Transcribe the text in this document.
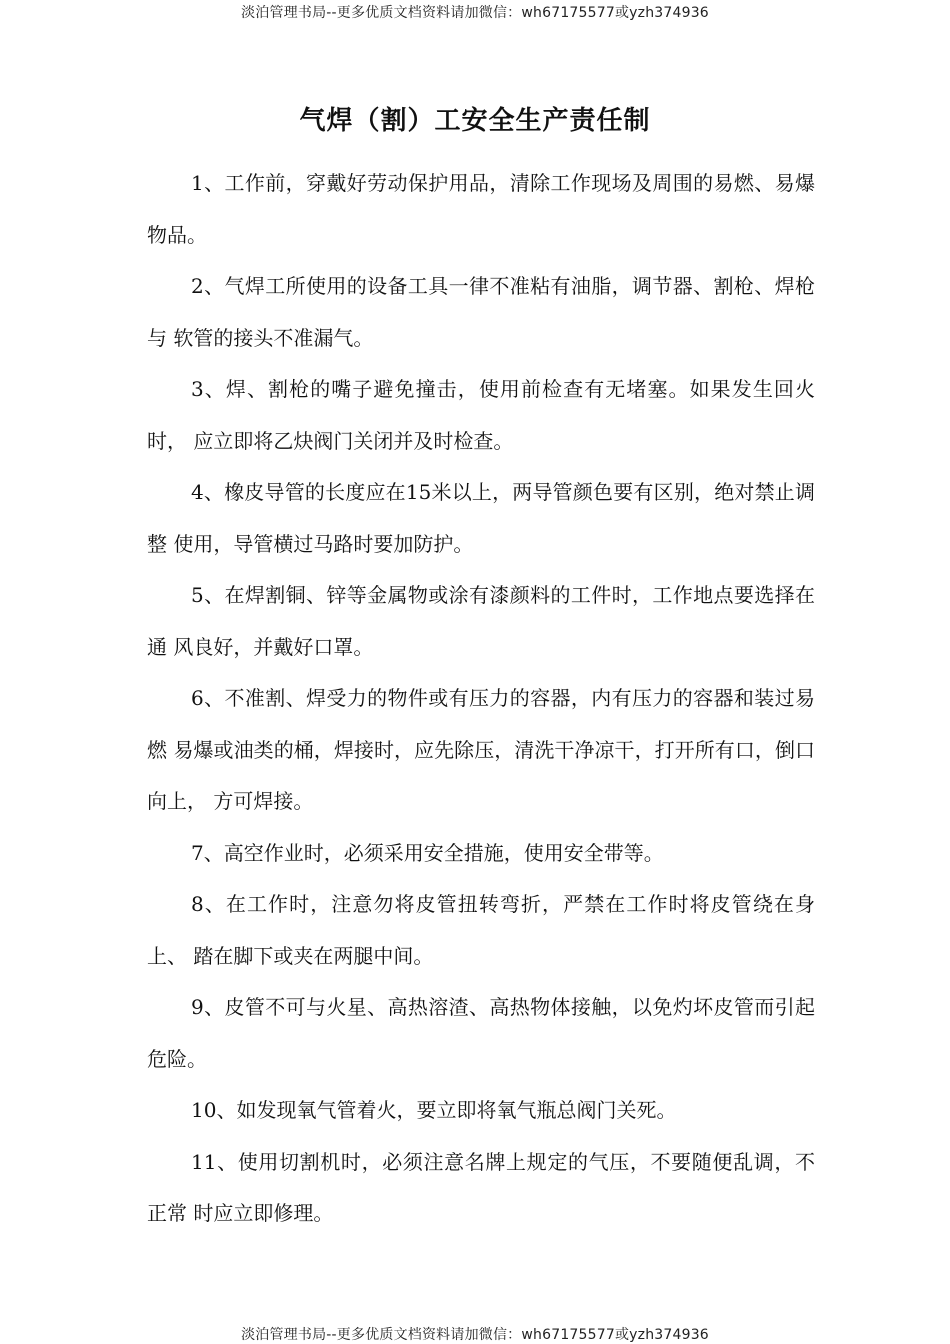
淡泊管理书局--更多优质文档资料请加微信：wh67175577或yzh374936
气焊（割）工安全生产责任制
1、工作前，穿戴好劳动保护用品，清除工作现场及周围的易燃、易爆物品。
2、气焊工所使用的设备工具一律不准粘有油脂，调节器、割枪、焊枪与 软管的接头不准漏气。
3、焊、割枪的嘴子避免撞击，使用前检查有无堵塞。如果发生回火时， 应立即将乙炔阀门关闭并及时检查。
4、橡皮导管的长度应在15米以上，两导管颜色要有区别，绝对禁止调整 使用，导管横过马路时要加防护。
5、在焊割铜、锌等金属物或涂有漆颜料的工件时，工作地点要选择在通 风良好，并戴好口罩。
6、不准割、焊受力的物件或有压力的容器，内有压力的容器和装过易燃 易爆或油类的桶，焊接时，应先除压，清洗干净凉干，打开所有口，倒口向上， 方可焊接。
7、高空作业时，必须采用安全措施，使用安全带等。
8、在工作时，注意勿将皮管扭转弯折，严禁在工作时将皮管绕在身上、 踏在脚下或夹在两腿中间。
9、皮管不可与火星、高热溶渣、高热物体接触，以免灼坏皮管而引起危险。
10、如发现氧气管着火，要立即将氧气瓶总阀门关死。
11、使用切割机时，必须注意名牌上规定的气压，不要随便乱调，不正常 时应立即修理。
淡泊管理书局--更多优质文档资料请加微信：wh67175577或yzh374936
